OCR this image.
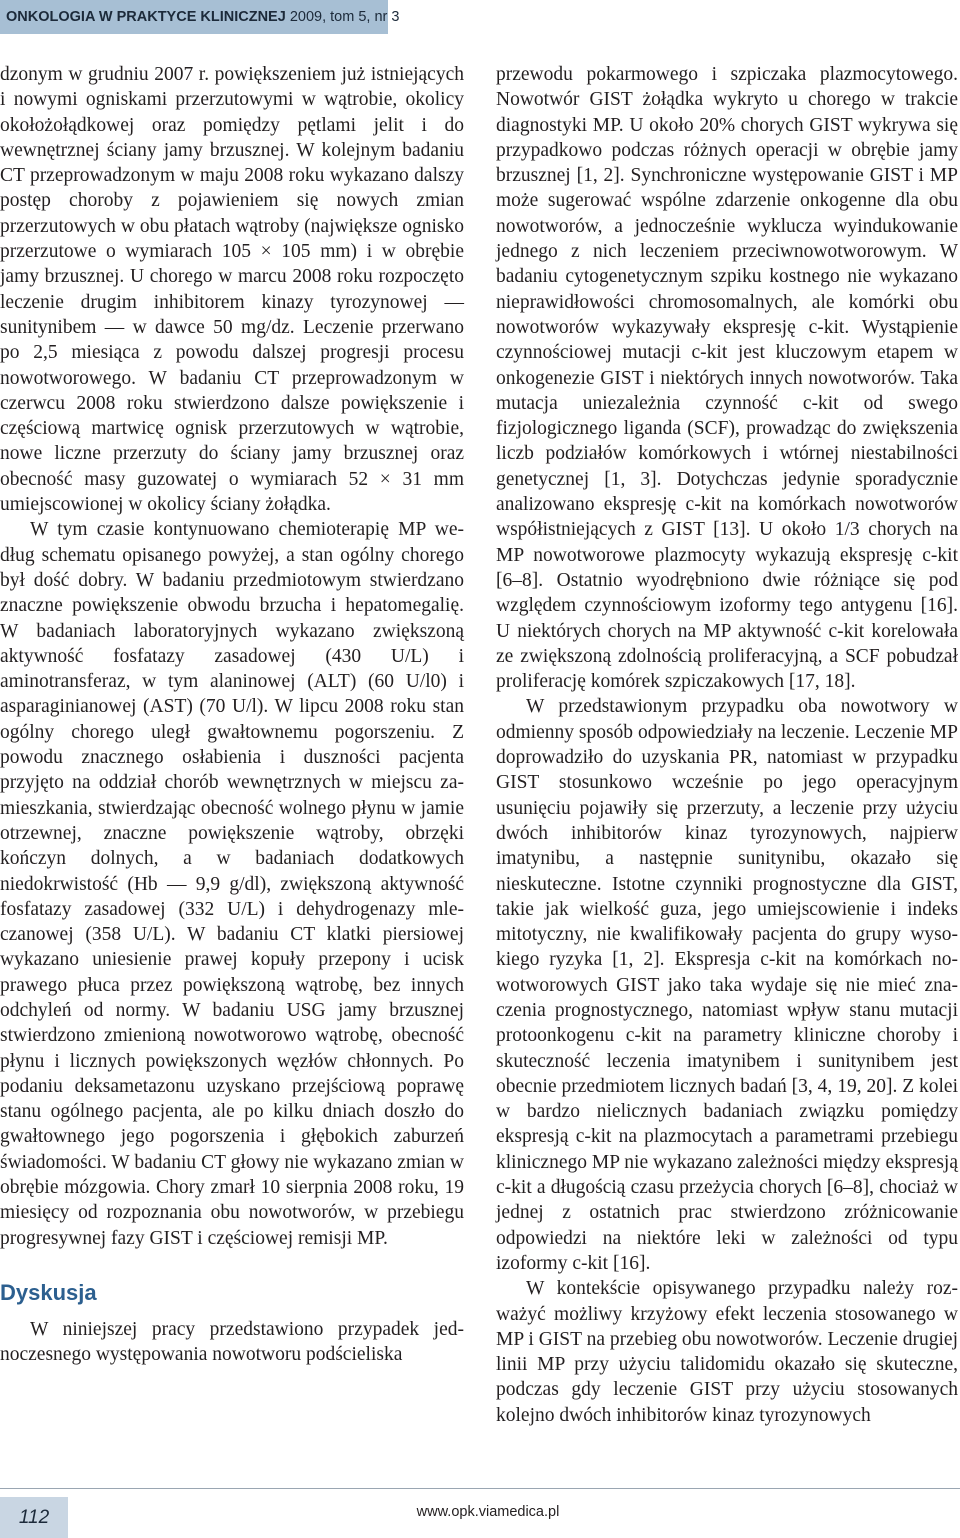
ONKOLOGIA W PRAKTYCE KLINICZNEJ 2009, tom 5, nr 3

dzonym w grudniu 2007 r. powiększeniem już istniejących i nowymi ogniskami przerzutowymi w wątrobie, okolicy okołożołądkowej oraz pomiędzy pętlami jelit i do wewnętrznej ściany jamy brzusznej. W kolejnym badaniu CT przeprowadzonym w maju 2008 roku wykazano dalszy postęp choroby z pojawieniem się nowych zmian przerzutowych w obu płatach wątroby (największe ognisko przerzutowe o wymiarach 105 × 105 mm) i w obrębie jamy brzusznej. U chorego w marcu 2008 roku rozpoczęto leczenie drugim inhibitorem kinazy tyrozynowej — sunitynibem — w dawce 50 mg/dz. Leczenie przerwano po 2,5 miesiąca z powodu dalszej progresji procesu nowotworowego. W badaniu CT przeprowadzonym w czerwcu 2008 roku stwierdzono dalsze powiększenie i częściową martwicę ognisk przerzutowych w wątrobie, nowe liczne przerzuty do ściany jamy brzusznej oraz obecność masy guzowatej o wymiarach 52 × 31 mm umiejscowionej w okolicy ściany żołądka.

W tym czasie kontynuowano chemioterapię MP według schematu opisanego powyżej, a stan ogólny chorego był dość dobry. W badaniu przedmiotowym stwierdzano znaczne powiększenie obwodu brzucha i hepatomegalię. W badaniach laboratoryjnych wykazano zwiększoną aktywność fosfatazy zasadowej (430 U/L) i aminotransferaz, w tym alaninowej (ALT) (60 U/l0) i asparaginianowej (AST) (70 U/l). W lipcu 2008 roku stan ogólny chorego uległ gwałtownemu pogorszeniu. Z powodu znacznego osłabienia i duszności pacjenta przyjęto na oddział chorób wewnętrznych w miejscu zamieszkania, stwierdzając obecność wolnego płynu w jamie otrzewnej, znaczne powiększenie wątroby, obrzęki kończyn dolnych, a w badaniach dodatkowych niedokrwistość (Hb — 9,9 g/dl), zwiększoną aktywność fosfatazy zasadowej (332 U/L) i dehydrogenazy mleczanowej (358 U/L). W badaniu CT klatki piersiowej wykazano uniesienie prawej kopuły przepony i ucisk prawego płuca przez powiększoną wątrobę, bez innych odchyleń od normy. W badaniu USG jamy brzusznej stwierdzono zmienioną nowotworowo wątrobę, obecność płynu i licznych powiększonych węzłów chłonnych. Po podaniu deksametazonu uzyskano przejściową poprawę stanu ogólnego pacjenta, ale po kilku dniach doszło do gwałtownego jego pogorszenia i głębokich zaburzeń świadomości. W badaniu CT głowy nie wykazano zmian w obrębie mózgowia. Chory zmarł 10 sierpnia 2008 roku, 19 miesięcy od rozpoznania obu nowotworów, w przebiegu progresywnej fazy GIST i częściowej remisji MP.

Dyskusja

W niniejszej pracy przedstawiono przypadek jednoczesnego występowania nowotworu podścieliska

przewodu pokarmowego i szpiczaka plazmocytowego. Nowotwór GIST żołądka wykryto u chorego w trakcie diagnostyki MP. U około 20% chorych GIST wykrywa się przypadkowo podczas różnych operacji w obrębie jamy brzusznej [1, 2]. Synchroniczne występowanie GIST i MP może sugerować wspólne zdarzenie onkogenne dla obu nowotworów, a jednocześnie wyklucza wyindukowanie jednego z nich leczeniem przeciwnowotworowym. W badaniu cytogenetycznym szpiku kostnego nie wykazano nieprawidłowości chromosomalnych, ale komórki obu nowotworów wykazywały ekspresję c-kit. Wystąpienie czynnościowej mutacji c-kit jest kluczowym etapem w onkogenezie GIST i niektórych innych nowotworów. Taka mutacja uniezależnia czynność c-kit od swego fizjologicznego liganda (SCF), prowadząc do zwiększenia liczb podziałów komórkowych i wtórnej niestabilności genetycznej [1, 3]. Dotychczas jedynie sporadycznie analizowano ekspresję c-kit na komórkach nowotworów współistniejących z GIST [13]. U około 1/3 chorych na MP nowotworowe plazmocyty wykazują ekspresję c-kit [6–8]. Ostatnio wyodrębniono dwie różniące się pod względem czynnościowym izoformy tego antygenu [16]. U niektórych chorych na MP aktywność c-kit korelowała ze zwiększoną zdolnością proliferacyjną, a SCF pobudzał proliferację komórek szpiczakowych [17, 18].

W przedstawionym przypadku oba nowotwory w odmienny sposób odpowiedziały na leczenie. Leczenie MP doprowadziło do uzyskania PR, natomiast w przypadku GIST stosunkowo wcześnie po jego operacyjnym usunięciu pojawiły się przerzuty, a leczenie przy użyciu dwóch inhibitorów kinaz tyrozynowych, najpierw imatynibu, a następnie sunitynibu, okazało się nieskuteczne. Istotne czynniki prognostyczne dla GIST, takie jak wielkość guza, jego umiejscowienie i indeks mitotyczny, nie kwalifikowały pacjenta do grupy wysokiego ryzyka [1, 2]. Ekspresja c-kit na komórkach nowotworowych GIST jako taka wydaje się nie mieć znaczenia prognostycznego, natomiast wpływ stanu mutacji protoonkogenu c-kit na parametry kliniczne choroby i skuteczność leczenia imatynibem i sunitynibem jest obecnie przedmiotem licznych badań [3, 4, 19, 20]. Z kolei w bardzo nielicznych badaniach związku pomiędzy ekspresją c-kit na plazmocytach a parametrami przebiegu klinicznego MP nie wykazano zależności między ekspresją c-kit a długością czasu przeżycia chorych [6–8], chociaż w jednej z ostatnich prac stwierdzono zróżnicowanie odpowiedzi na niektóre leki w zależności od typu izoformy c-kit [16].

W kontekście opisywanego przypadku należy rozważyć możliwy krzyżowy efekt leczenia stosowanego w MP i GIST na przebieg obu nowotworów. Leczenie drugiej linii MP przy użyciu talidomidu okazało się skuteczne, podczas gdy leczenie GIST przy użyciu stosowanych kolejno dwóch inhibitorów kinaz tyrozynowych

112	www.opk.viamedica.pl
